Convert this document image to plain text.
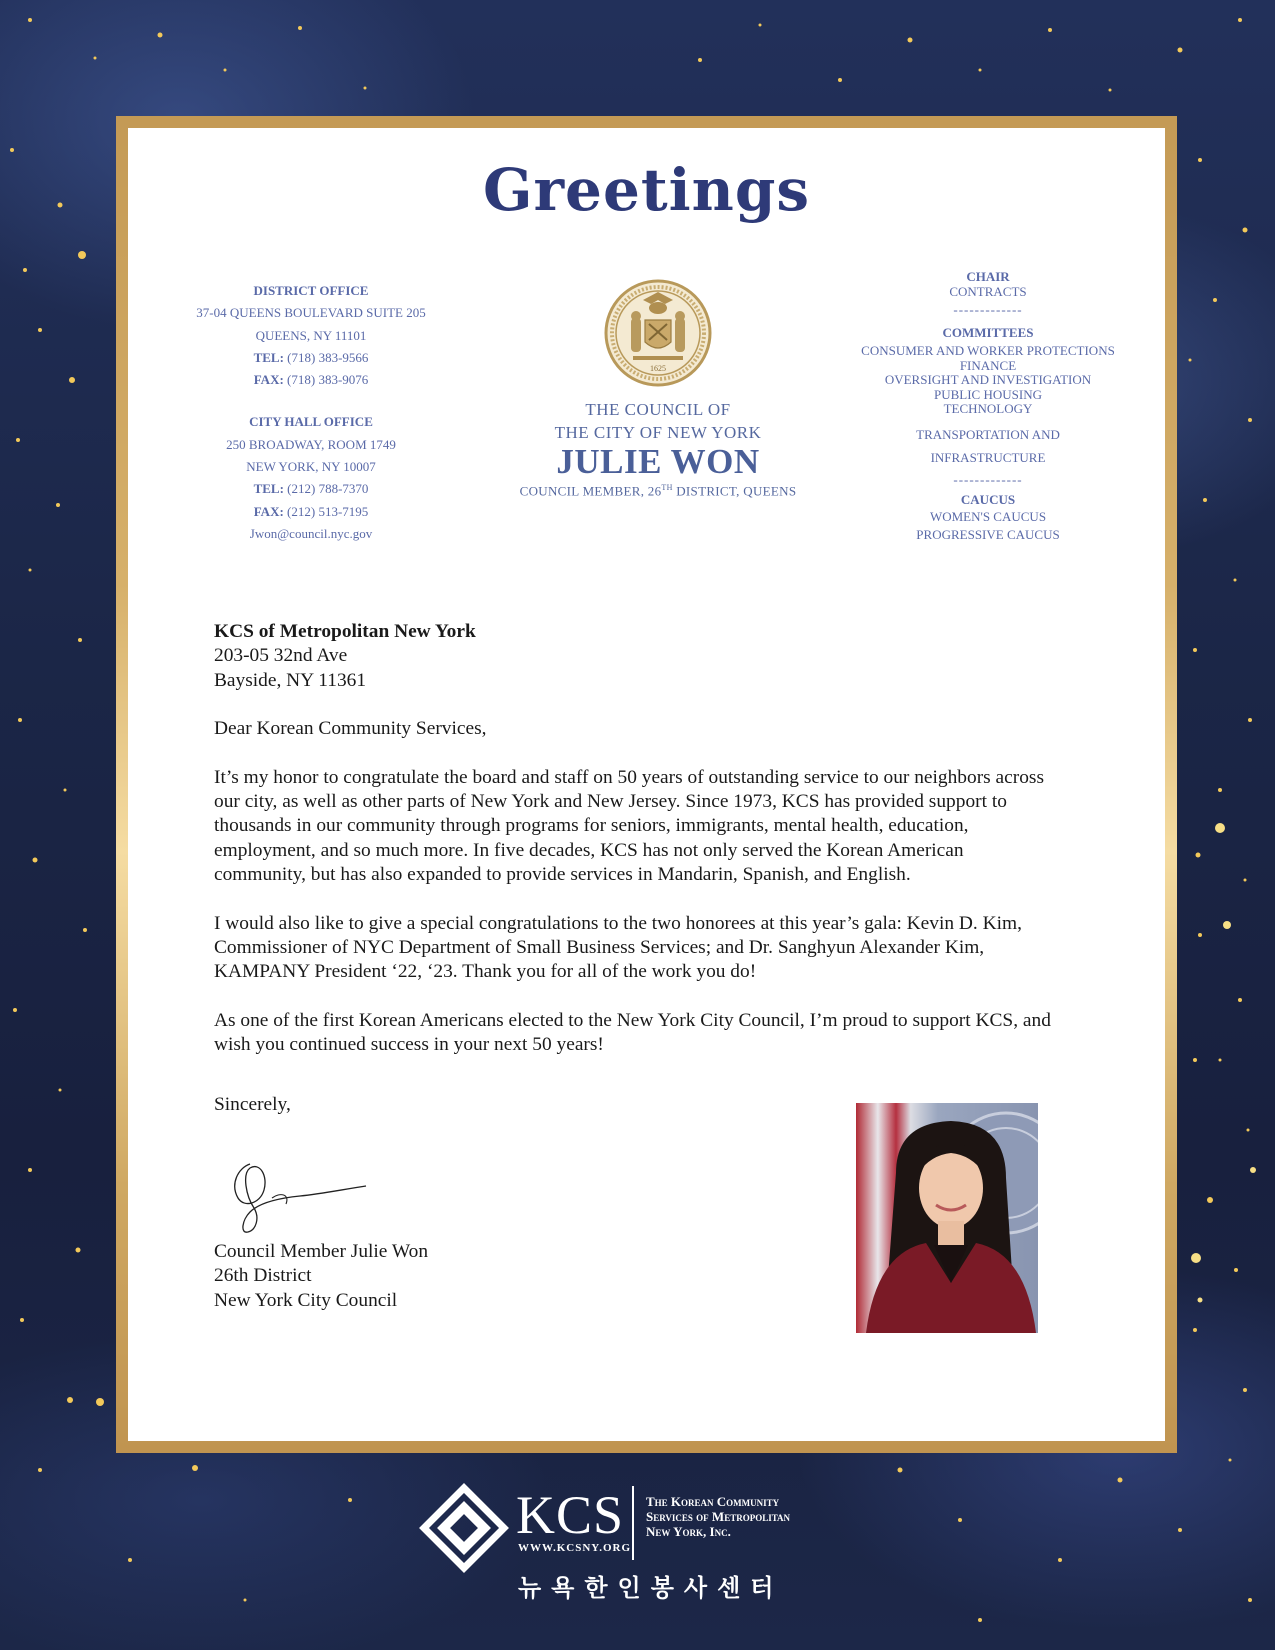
Greetings
DISTRICT OFFICE
37-04 QUEENS BOULEVARD SUITE 205
QUEENS, NY 11101
TEL: (718) 383-9566
FAX: (718) 383-9076
CITY HALL OFFICE
250 BROADWAY, ROOM 1749
NEW YORK, NY 10007
TEL: (212) 788-7370
FAX: (212) 513-7195
Jwon@council.nyc.gov
1625
THE COUNCIL OF
THE CITY OF NEW YORK
JULIE WON
COUNCIL MEMBER, 26TH DISTRICT, QUEENS
CHAIR
CONTRACTS
-------------
COMMITTEES
CONSUMER AND WORKER PROTECTIONS
FINANCE
OVERSIGHT AND INVESTIGATION
PUBLIC HOUSING
TECHNOLOGY
TRANSPORTATION AND
INFRASTRUCTURE
-------------
CAUCUS
WOMEN'S CAUCUS
PROGRESSIVE CAUCUS

KCS of Metropolitan New York
203-05 32nd Ave
Bayside, NY 11361

Dear Korean Community Services,

It’s my honor to congratulate the board and staff on 50 years of outstanding service to our neighbors across our city, as well as other parts of New York and New Jersey. Since 1973, KCS has provided support to thousands in our community through programs for seniors, immigrants, mental health, education, employment, and so much more. In five decades, KCS has not only served the Korean American community, but has also expanded to provide services in Mandarin, Spanish, and English.

I would also like to give a special congratulations to the two honorees at this year’s gala: Kevin D. Kim, Commissioner of NYC Department of Small Business Services; and Dr. Sanghyun Alexander Kim, KAMPANY President ‘22, ‘23. Thank you for all of the work you do!

As one of the first Korean Americans elected to the New York City Council, I’m proud to support KCS, and wish you continued success in your next 50 years!

Sincerely,

Council Member Julie Won
26th District
New York City Council
KCS
WWW.KCSNY.ORG
The Korean Community
Services of Metropolitan
New York, Inc.
뉴욕한인봉사센터
